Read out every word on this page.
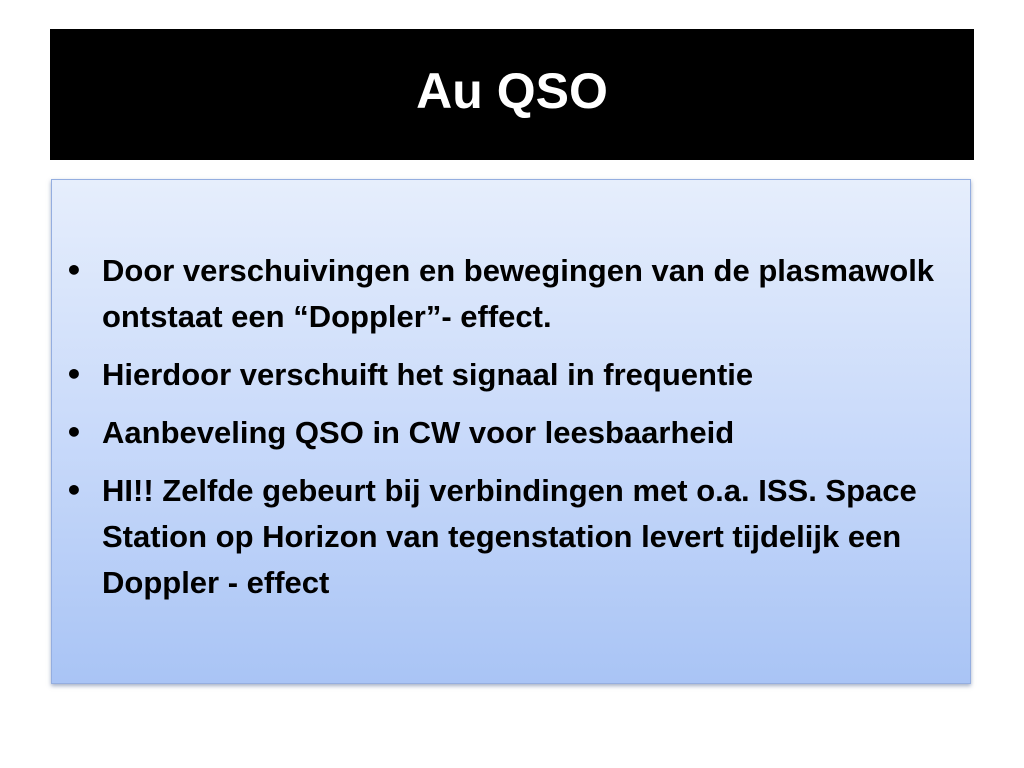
Au QSO
• Door verschuivingen en bewegingen van de plasmawolk ontstaat een “Doppler”- effect.
• Hierdoor verschuift het signaal in frequentie
• Aanbeveling QSO in CW voor leesbaarheid
• HI!! Zelfde gebeurt bij verbindingen met o.a. ISS. Space Station op Horizon van tegenstation levert tijdelijk een Doppler - effect
